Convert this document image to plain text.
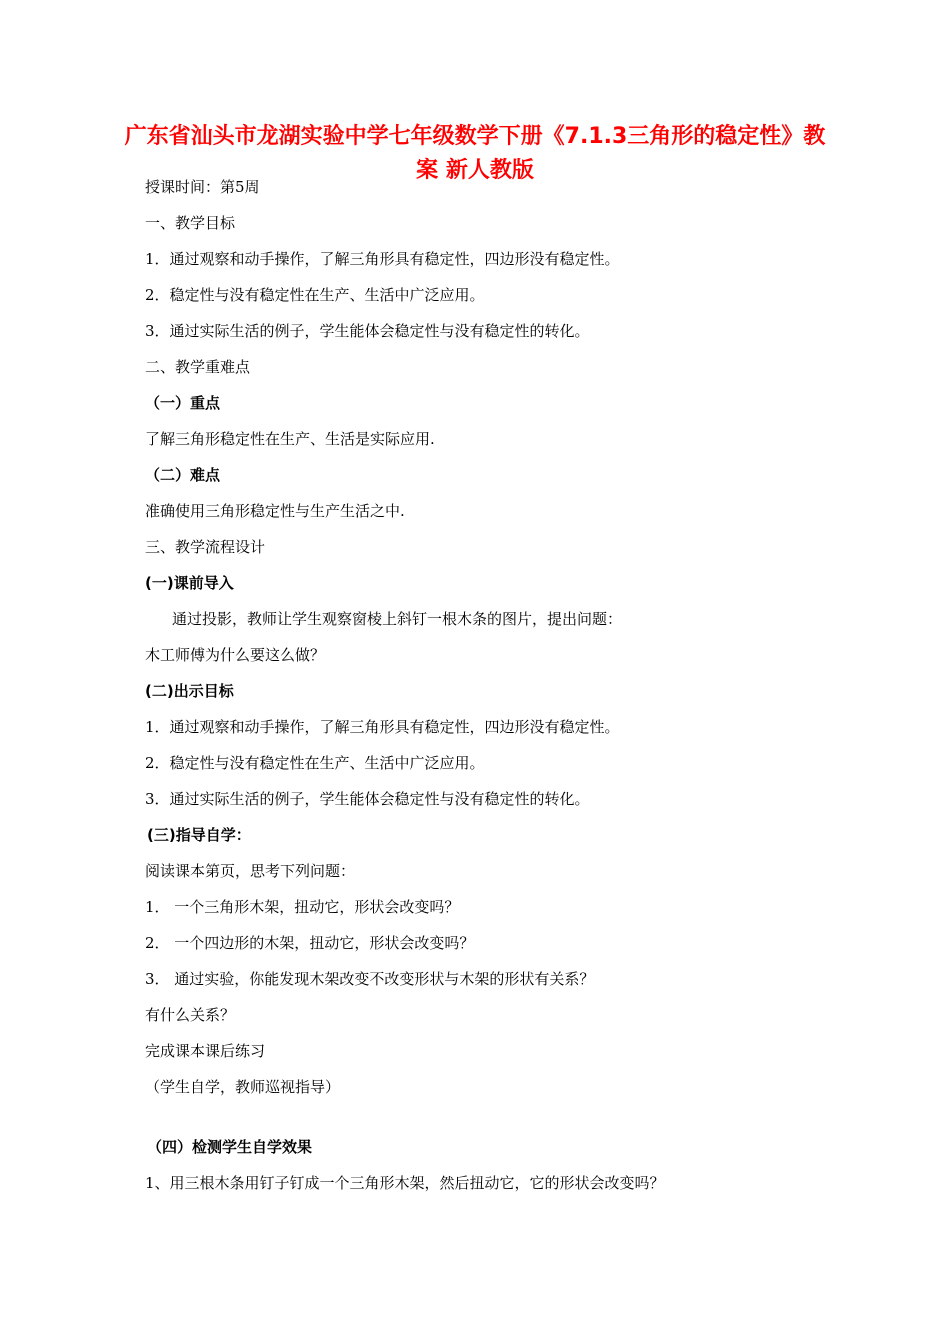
广东省汕头市龙湖实验中学七年级数学下册《7.1.3三角形的稳定性》教案 新人教版
授课时间：第5周
一、教学目标
1．通过观察和动手操作，了解三角形具有稳定性，四边形没有稳定性。
2．稳定性与没有稳定性在生产、生活中广泛应用。
3．通过实际生活的例子，学生能体会稳定性与没有稳定性的转化。
二、教学重难点
（一）重点
了解三角形稳定性在生产、生活是实际应用.
（二）难点
准确使用三角形稳定性与生产生活之中.
三、教学流程设计
(一)课前导入
通过投影，教师让学生观察窗棱上斜钉一根木条的图片，提出问题：
木工师傅为什么要这么做？
(二)出示目标
1．通过观察和动手操作，了解三角形具有稳定性，四边形没有稳定性。
2．稳定性与没有稳定性在生产、生活中广泛应用。
3．通过实际生活的例子，学生能体会稳定性与没有稳定性的转化。
(三)指导自学：
阅读课本第页，思考下列问题：
1． 一个三角形木架，扭动它，形状会改变吗？
2． 一个四边形的木架，扭动它，形状会改变吗？
3． 通过实验，你能发现木架改变不改变形状与木架的形状有关系？
有什么关系？
完成课本课后练习
（学生自学，教师巡视指导）
（四）检测学生自学效果
1、用三根木条用钉子钉成一个三角形木架，然后扭动它，它的形状会改变吗？
